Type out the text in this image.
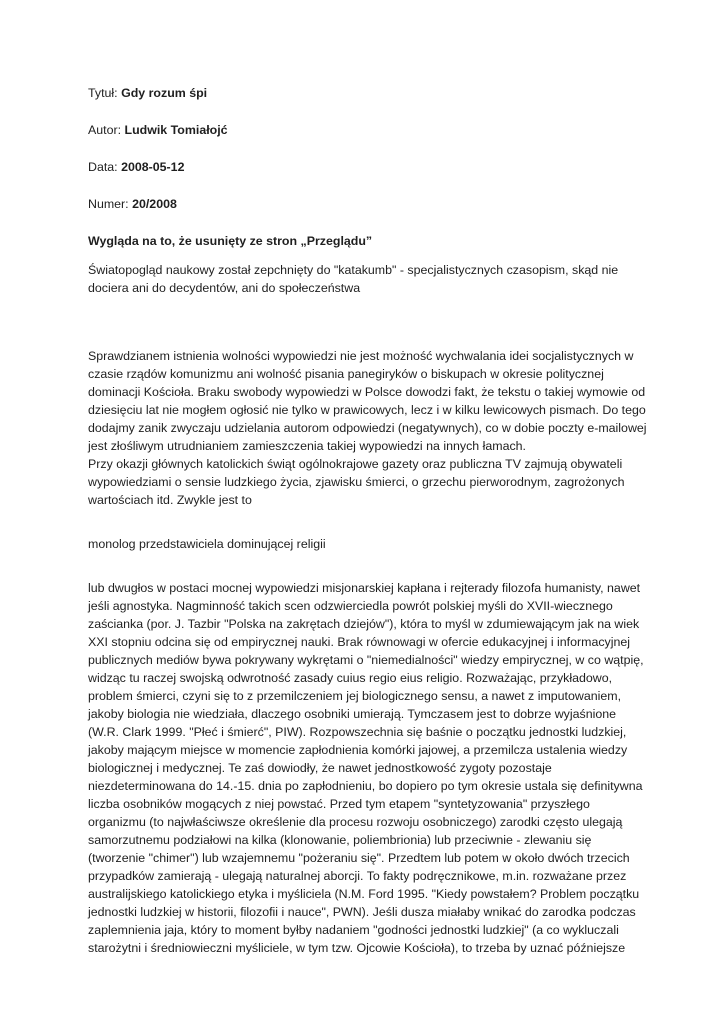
Tytuł: Gdy rozum śpi

Autor: Ludwik Tomiałojć

Data: 2008-05-12

Numer: 20/2008

Wygląda na to, że usunięty ze stron „Przeglądu”

Światopogląd naukowy został zepchnięty do "katakumb" - specjalistycznych czasopism, skąd nie dociera ani do decydentów, ani do społeczeństwa

Sprawdzianem istnienia wolności wypowiedzi nie jest możność wychwalania idei socjalistycznych w czasie rządów komunizmu ani wolność pisania panegiryków o biskupach w okresie politycznej dominacji Kościoła. Braku swobody wypowiedzi w Polsce dowodzi fakt, że tekstu o takiej wymowie od dziesięciu lat nie mogłem ogłosić nie tylko w prawicowych, lecz i w kilku lewicowych pismach. Do tego dodajmy zanik zwyczaju udzielania autorom odpowiedzi (negatywnych), co w dobie poczty e-mailowej jest złośliwym utrudnianiem zamieszczenia takiej wypowiedzi na innych łamach.

Przy okazji głównych katolickich świąt ogólnokrajowe gazety oraz publiczna TV zajmują obywateli wypowiedziami o sensie ludzkiego życia, zjawisku śmierci, o grzechu pierworodnym, zagrożonych wartościach itd. Zwykle jest to

monolog przedstawiciela dominującej religii

lub dwugłos w postaci mocnej wypowiedzi misjonarskiej kapłana i rejterady filozofa humanisty, nawet jeśli agnostyka. Nagminność takich scen odzwierciedla powrót polskiej myśli do XVII-wiecznego zaścianka (por. J. Tazbir "Polska na zakrętach dziejów"), która to myśl w zdumiewającym jak na wiek XXI stopniu odcina się od empirycznej nauki. Brak równowagi w ofercie edukacyjnej i informacyjnej publicznych mediów bywa pokrywany wykrętami o "niemedialności" wiedzy empirycznej, w co wątpię, widząc tu raczej swojską odwrotność zasady cuius regio eius religio. Rozważając, przykładowo, problem śmierci, czyni się to z przemilczeniem jej biologicznego sensu, a nawet z imputowaniem, jakoby biologia nie wiedziała, dlaczego osobniki umierają. Tymczasem jest to dobrze wyjaśnione (W.R. Clark 1999. "Płeć i śmierć", PIW). Rozpowszechnia się baśnie o początku jednostki ludzkiej, jakoby mającym miejsce w momencie zapłodnienia komórki jajowej, a przemilcza ustalenia wiedzy biologicznej i medycznej. Te zaś dowiodły, że nawet jednostkowość zygoty pozostaje niezdeterminowana do 14.-15. dnia po zapłodnieniu, bo dopiero po tym okresie ustala się definitywna liczba osobników mogących z niej powstać. Przed tym etapem "syntetyzowania" przyszłego organizmu (to najwłaściwsze określenie dla procesu rozwoju osobniczego) zarodki często ulegają samorzutnemu podziałowi na kilka (klonowanie, poliembrionia) lub przeciwnie - zlewaniu się (tworzenie "chimer") lub wzajemnemu "pożeraniu się". Przedtem lub potem w około dwóch trzecich przypadków zamierają - ulegają naturalnej aborcji. To fakty podręcznikowe, m.in. rozważane przez australijskiego katolickiego etyka i myśliciela (N.M. Ford 1995. "Kiedy powstałem? Problem początku jednostki ludzkiej w historii, filozofii i nauce", PWN). Jeśli dusza miałaby wnikać do zarodka podczas zaplemnienia jaja, który to moment byłby nadaniem "godności jednostki ludzkiej" (a co wykluczali starożytni i średniowieczni myśliciele, w tym tzw. Ojcowie Kościoła), to trzeba by uznać późniejsze
